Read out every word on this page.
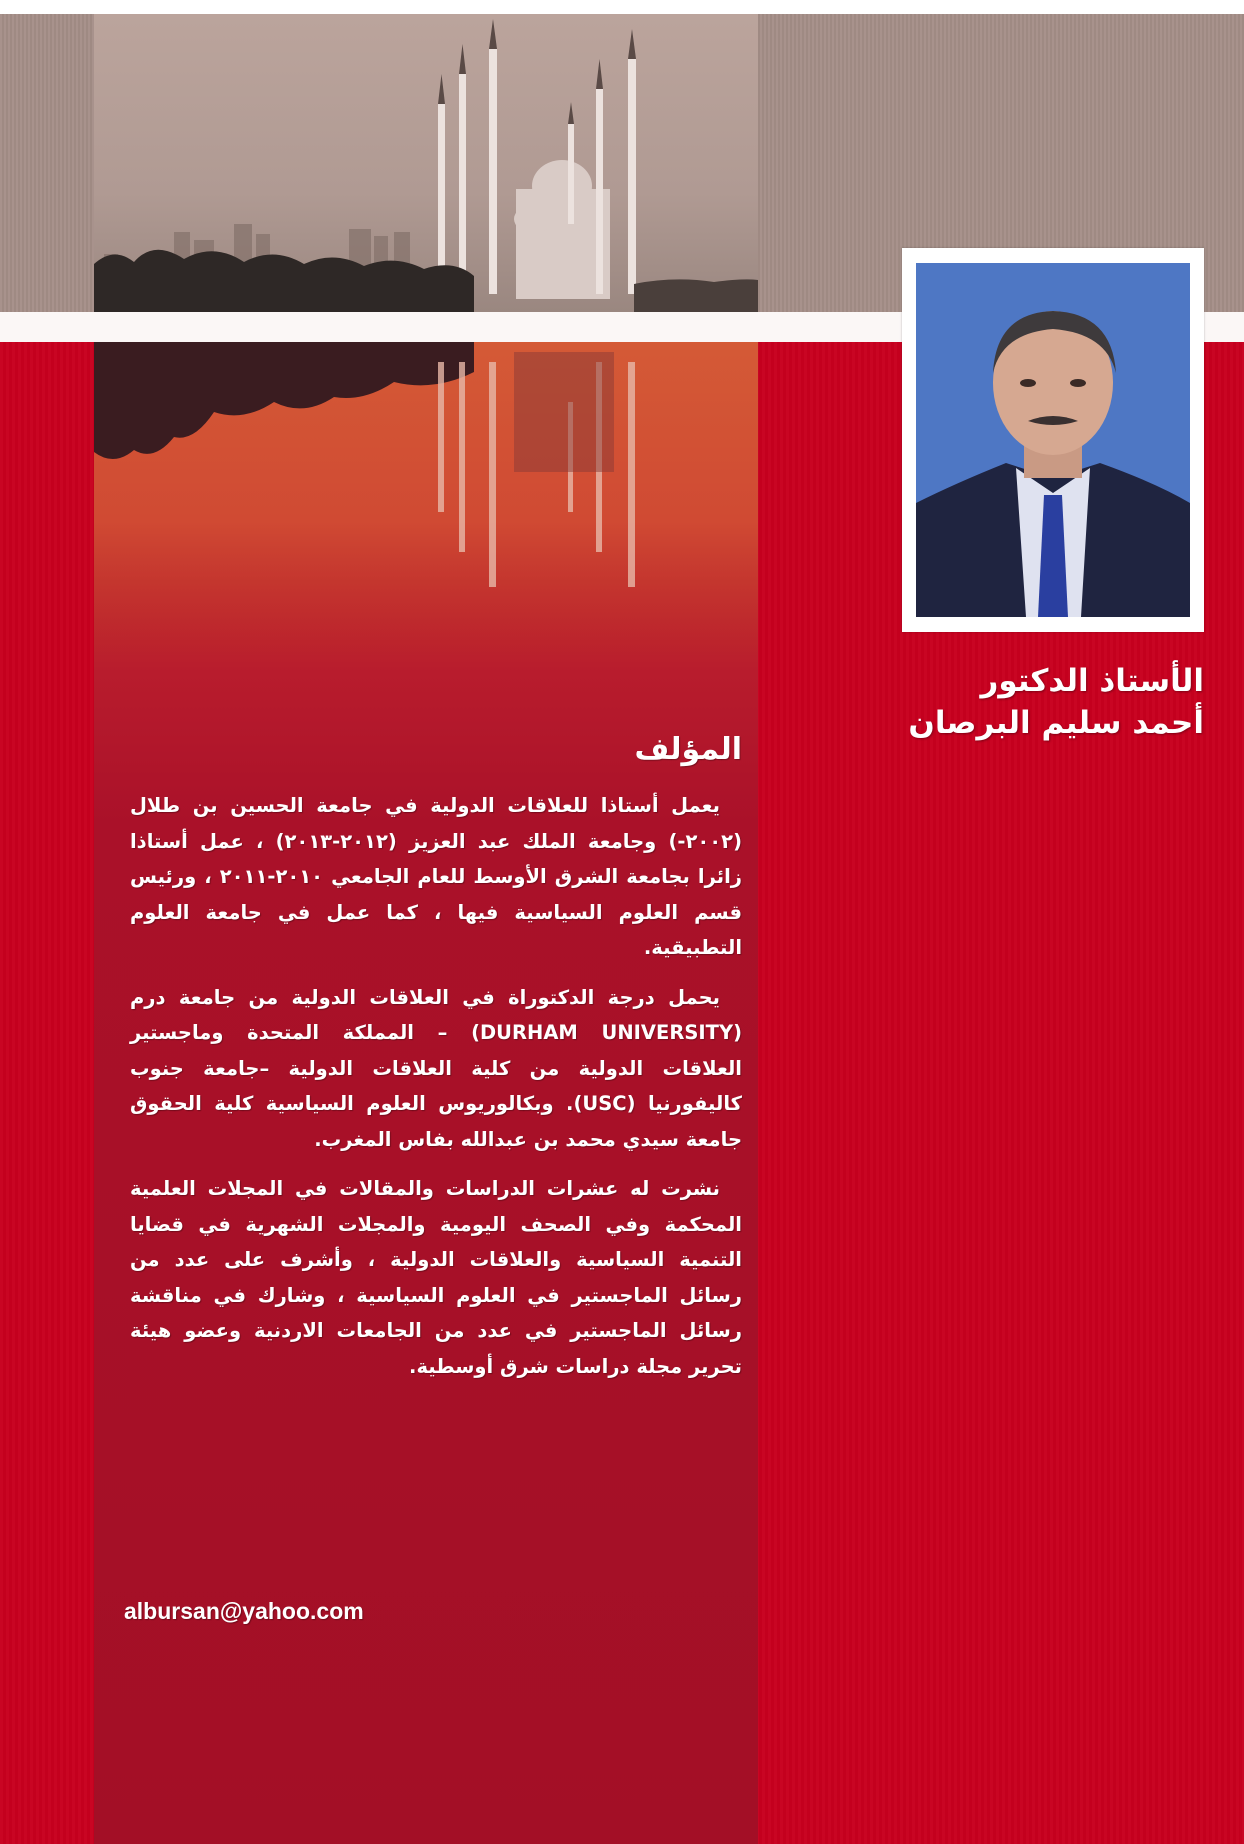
الأستاذ الدكتور
أحمد سليم البرصان
المؤلف

يعمل أستاذا للعلاقات الدولية في جامعة الحسين بن طلال (٢٠٠٢-) وجامعة الملك عبد العزيز (٢٠١٢-٢٠١٣) ، عمل أستاذا زائرا بجامعة الشرق الأوسط للعام الجامعي ٢٠١٠-٢٠١١ ، ورئيس قسم العلوم السياسية فيها ، كما عمل في جامعة العلوم التطبيقية.

يحمل درجة الدكتوراة في العلاقات الدولية من جامعة درم (DURHAM UNIVERSITY) – المملكة المتحدة وماجستير العلاقات الدولية من كلية العلاقات الدولية –جامعة جنوب كاليفورنيا (USC). وبكالوريوس العلوم السياسية كلية الحقوق جامعة سيدي محمد بن عبدالله بفاس المغرب.

نشرت له عشرات الدراسات والمقالات في المجلات العلمية المحكمة وفي الصحف اليومية والمجلات الشهرية في قضايا التنمية السياسية والعلاقات الدولية ، وأشرف على عدد من رسائل الماجستير في العلوم السياسية ، وشارك في مناقشة رسائل الماجستير في عدد من الجامعات الاردنية وعضو هيئة تحرير مجلة دراسات شرق أوسطية.

albursan@yahoo.com
